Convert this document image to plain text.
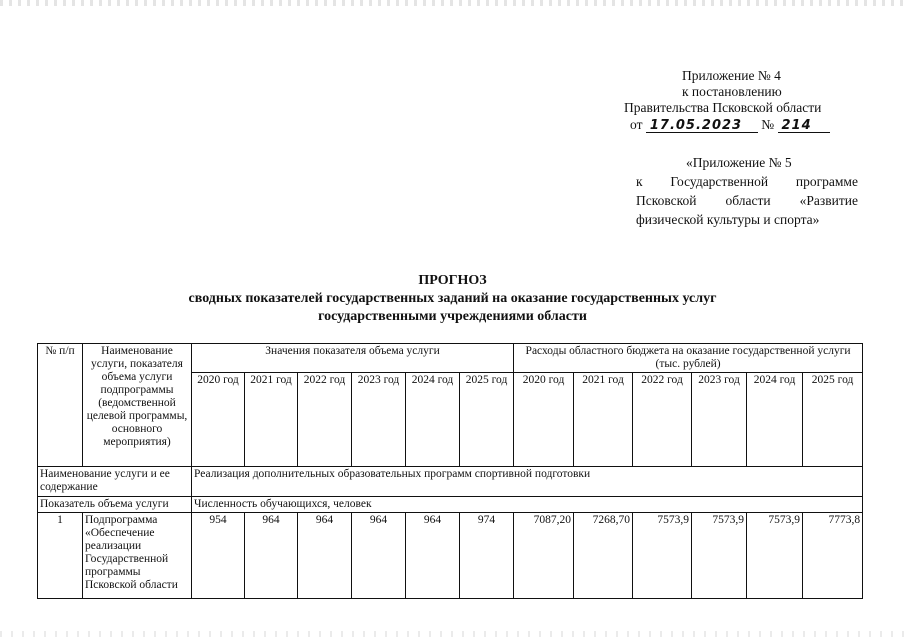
Приложение № 4
к постановлению
Правительства Псковской области
от 17.05.2023 № 214
«Приложение № 5
к Государственной программе
Псковской области «Развитие
физической культуры и спорта»
ПРОГНОЗ
сводных показателей государственных заданий на оказание государственных услуг
государственными учреждениями области
№ п/п	Наименование услуги, показателя объема услуги подпрограммы (ведомственной целевой программы, основного мероприятия)	Значения показателя объема услуги						Расходы областного бюджета на оказание государственной услуги (тыс. рублей)					
		2020 год	2021 год	2022 год	2023 год	2024 год	2025 год	2020 год	2021 год	2022 год	2023 год	2024 год	2025 год
Наименование услуги и ее содержание		Реализация дополнительных образовательных программ спортивной подготовки											
Показатель объема услуги		Численность обучающихся, человек											
1	Подпрограмма «Обеспечение реализации Государственной программы Псковской области	954	964	964	964	964	974	7087,20	7268,70	7573,9	7573,9	7573,9	7773,8
